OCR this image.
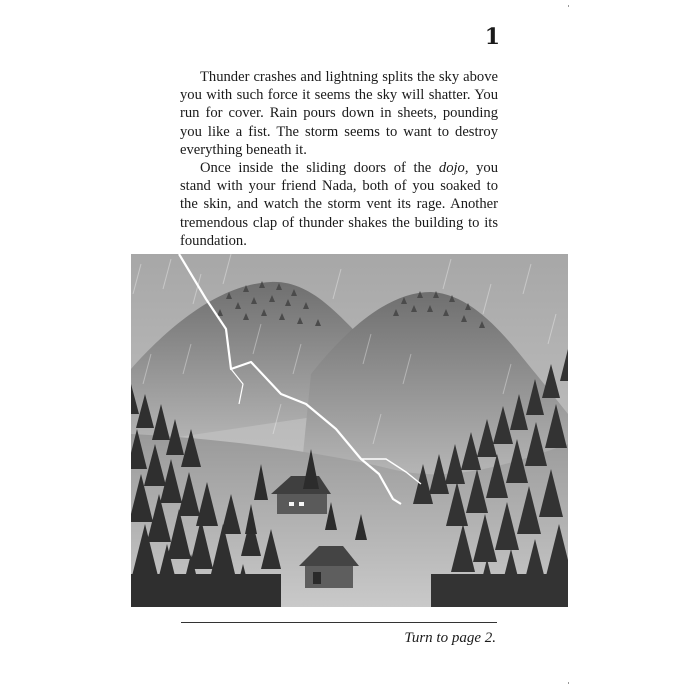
1

Thunder crashes and lightning splits the sky above you with such force it seems the sky will shatter. You run for cover. Rain pours down in sheets, pounding you like a fist. The storm seems to want to destroy everything beneath it.

Once inside the sliding doors of the dojo, you stand with your friend Nada, both of you soaked to the skin, and watch the storm vent its rage. Another tremendous clap of thunder shakes the building to its foundation.

Turn to page 2.
